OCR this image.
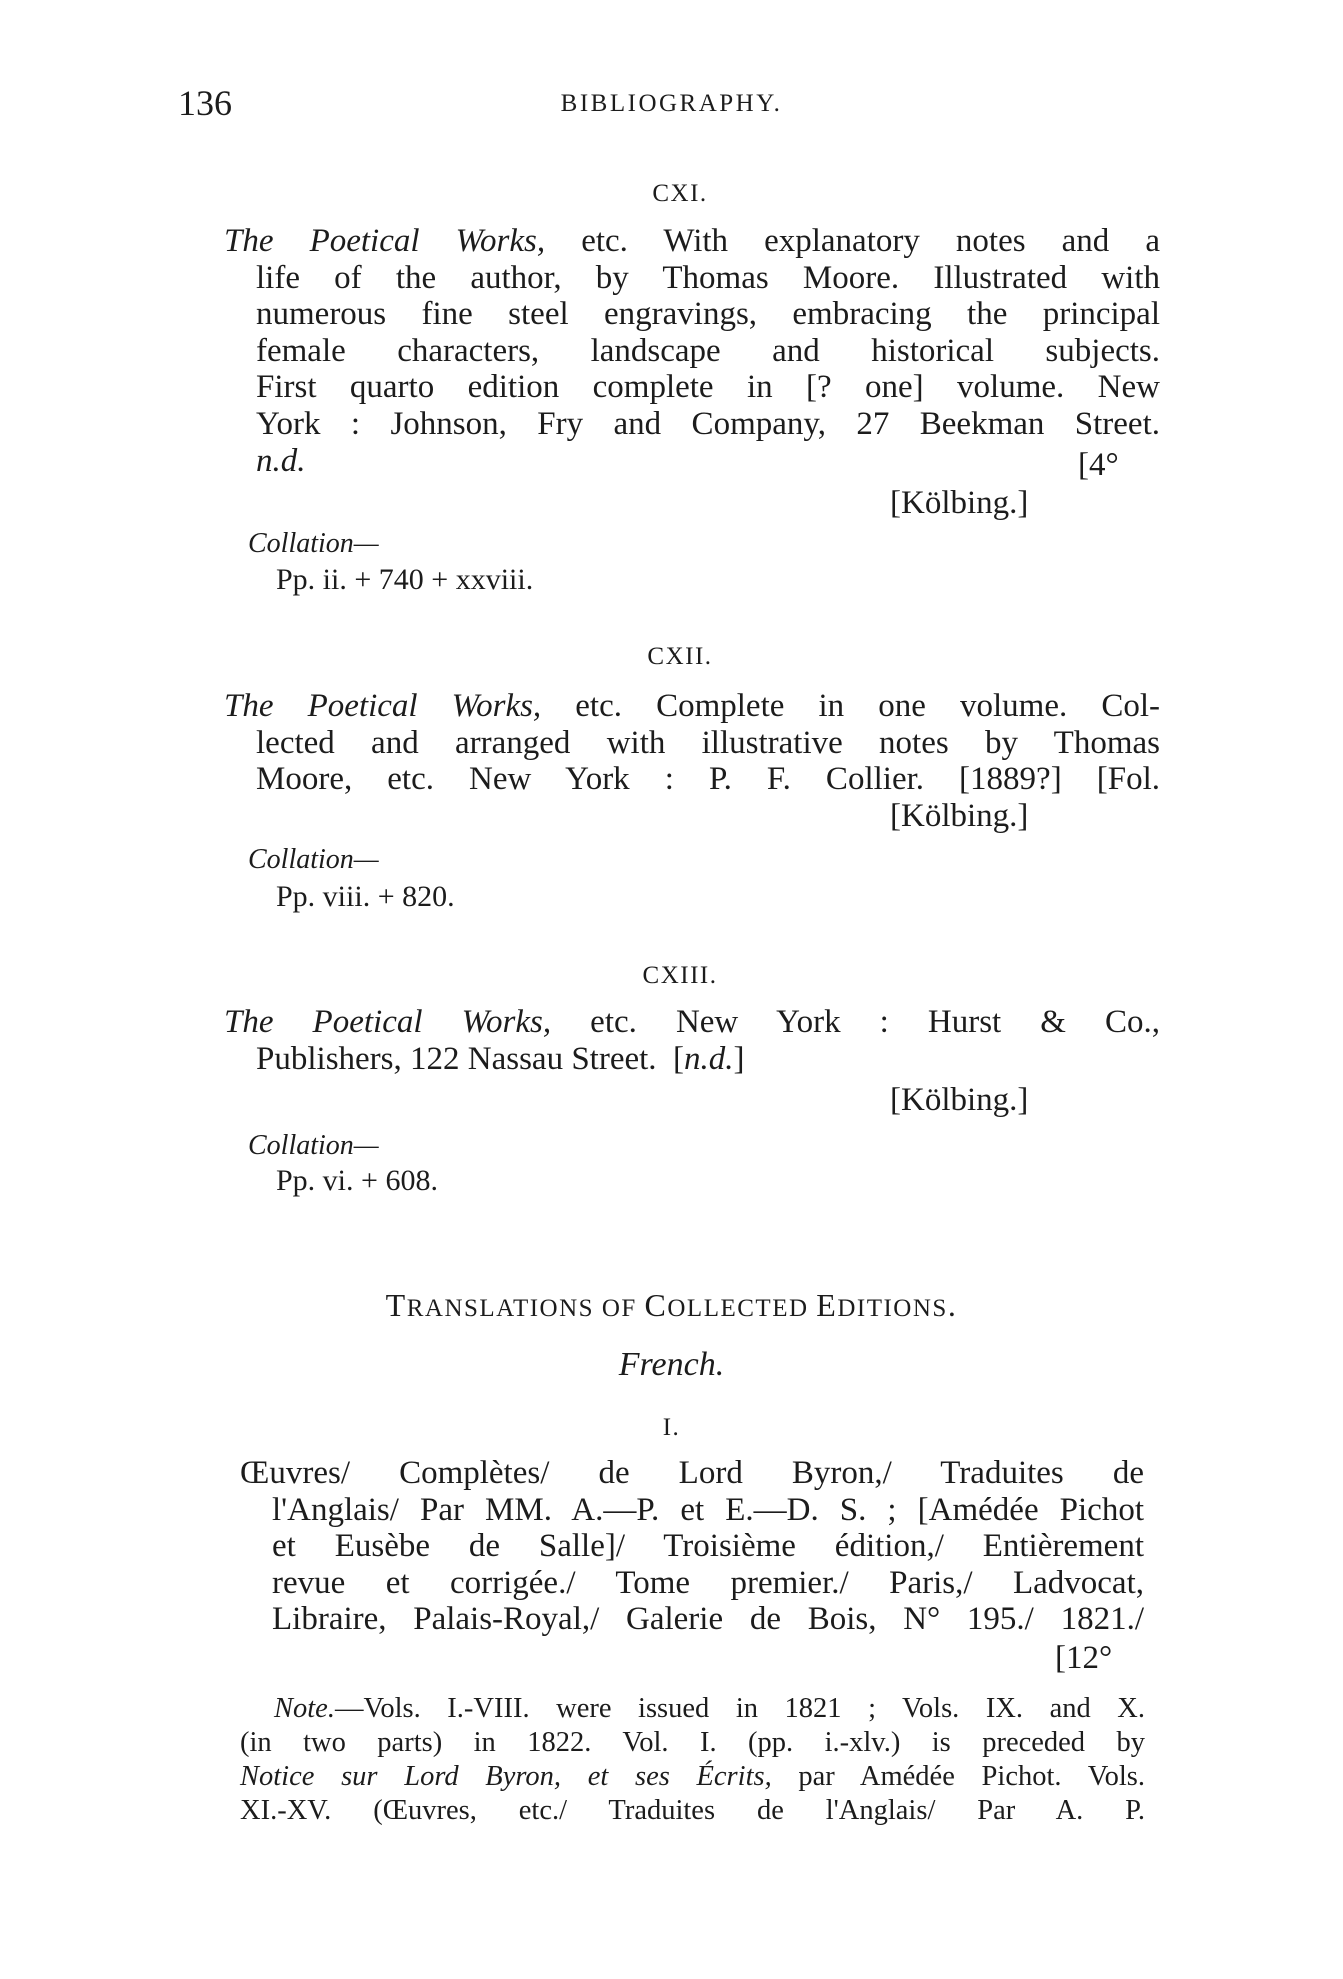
136	BIBLIOGRAPHY.
CXI.
The Poetical Works, etc. With explanatory notes and a
life of the author, by Thomas Moore. Illustrated with
numerous fine steel engravings, embracing the principal
female characters, landscape and historical subjects.
First quarto edition complete in [? one] volume. New
York : Johnson, Fry and Company, 27 Beekman Street.
n.d.	[4°
[Kölbing.]
Collation—
Pp. ii. + 740 + xxviii.
CXII.
The Poetical Works, etc. Complete in one volume. Col-
lected and arranged with illustrative notes by Thomas
Moore, etc. New York : P. F. Collier. [1889?] [Fol.
[Kölbing.]
Collation—
Pp. viii. + 820.
CXIII.
The Poetical Works, etc. New York : Hurst & Co.,
Publishers, 122 Nassau Street. [n.d.]
[Kölbing.]
Collation—
Pp. vi. + 608.
TRANSLATIONS OF COLLECTED EDITIONS.
French.
I.
Œuvres/ Complètes/ de Lord Byron,/ Traduites de
l'Anglais/ Par MM. A.—P. et E.—D. S. ; [Amédée Pichot
et Eusèbe de Salle]/ Troisième édition,/ Entièrement
revue et corrigée./ Tome premier./ Paris,/ Ladvocat,
Libraire, Palais-Royal,/ Galerie de Bois, N° 195./ 1821./
[12°
Note.—Vols. I.-VIII. were issued in 1821 ; Vols. IX. and X.
(in two parts) in 1822. Vol. I. (pp. i.-xlv.) is preceded by
Notice sur Lord Byron, et ses Écrits, par Amédée Pichot. Vols.
XI.-XV. (Œuvres, etc./ Traduites de l'Anglais/ Par A. P.
